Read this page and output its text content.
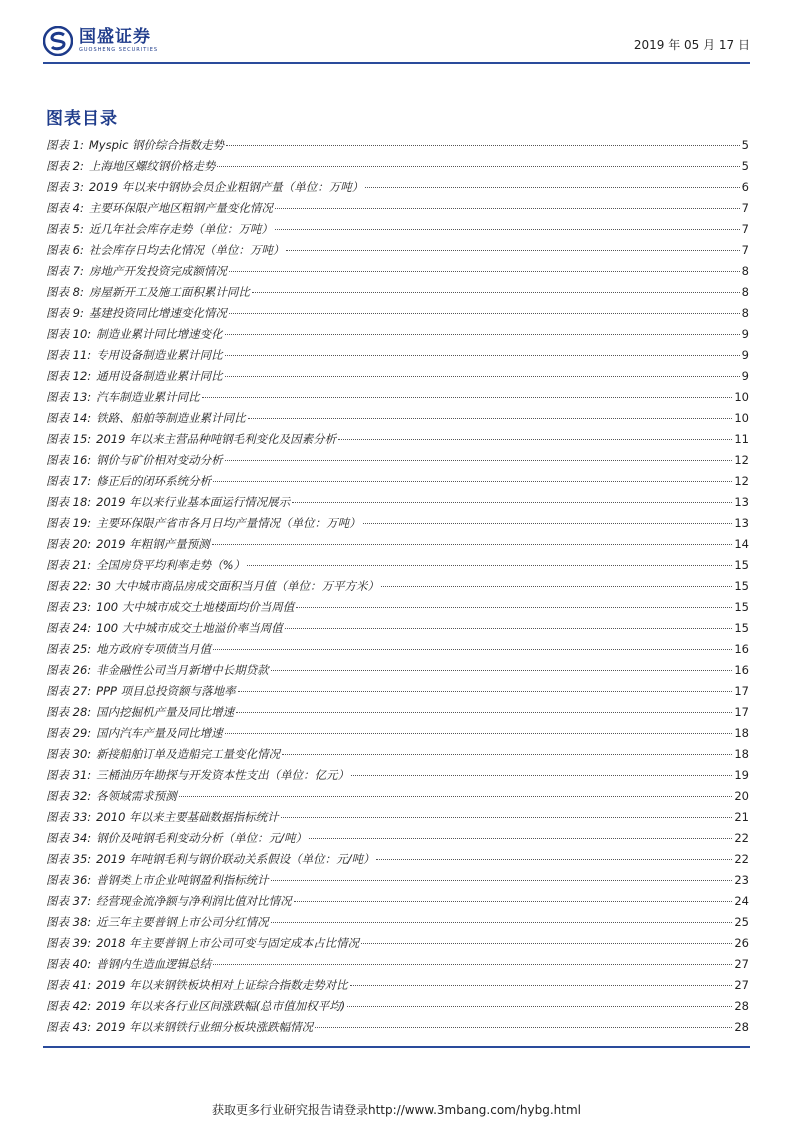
国盛证券
GUOSHENG SECURITIES	2019 年 05 月 17 日
图表目录
图表 1: Myspic 钢价综合指数走势	5
图表 2: 上海地区螺纹钢价格走势	5
图表 3: 2019 年以来中钢协会员企业粗钢产量（单位：万吨）	6
图表 4: 主要环保限产地区粗钢产量变化情况	7
图表 5: 近几年社会库存走势（单位：万吨）	7
图表 6: 社会库存日均去化情况（单位：万吨）	7
图表 7: 房地产开发投资完成额情况	8
图表 8: 房屋新开工及施工面积累计同比	8
图表 9: 基建投资同比增速变化情况	8
图表 10: 制造业累计同比增速变化	9
图表 11: 专用设备制造业累计同比	9
图表 12: 通用设备制造业累计同比	9
图表 13: 汽车制造业累计同比	10
图表 14: 铁路、船舶等制造业累计同比	10
图表 15: 2019 年以来主营品种吨钢毛利变化及因素分析	11
图表 16: 钢价与矿价相对变动分析	12
图表 17: 修正后的闭环系统分析	12
图表 18: 2019 年以来行业基本面运行情况展示	13
图表 19: 主要环保限产省市各月日均产量情况（单位：万吨）	13
图表 20: 2019 年粗钢产量预测	14
图表 21: 全国房贷平均利率走势（%）	15
图表 22: 30 大中城市商品房成交面积当月值（单位：万平方米）	15
图表 23: 100 大中城市成交土地楼面均价当周值	15
图表 24: 100 大中城市成交土地溢价率当周值	15
图表 25: 地方政府专项债当月值	16
图表 26: 非金融性公司当月新增中长期贷款	16
图表 27: PPP 项目总投资额与落地率	17
图表 28: 国内挖掘机产量及同比增速	17
图表 29: 国内汽车产量及同比增速	18
图表 30: 新接船舶订单及造船完工量变化情况	18
图表 31: 三桶油历年勘探与开发资本性支出（单位：亿元）	19
图表 32: 各领域需求预测	20
图表 33: 2010 年以来主要基础数据指标统计	21
图表 34: 钢价及吨钢毛利变动分析（单位：元/吨）	22
图表 35: 2019 年吨钢毛利与钢价联动关系假设（单位：元/吨）	22
图表 36: 普钢类上市企业吨钢盈利指标统计	23
图表 37: 经营现金流净额与净利润比值对比情况	24
图表 38: 近三年主要普钢上市公司分红情况	25
图表 39: 2018 年主要普钢上市公司可变与固定成本占比情况	26
图表 40: 普钢内生造血逻辑总结	27
图表 41: 2019 年以来钢铁板块相对上证综合指数走势对比	27
图表 42: 2019 年以来各行业区间涨跌幅(总市值加权平均)	28
图表 43: 2019 年以来钢铁行业细分板块涨跌幅情况	28
获取更多行业研究报告请登录http://www.3mbang.com/hybg.html
